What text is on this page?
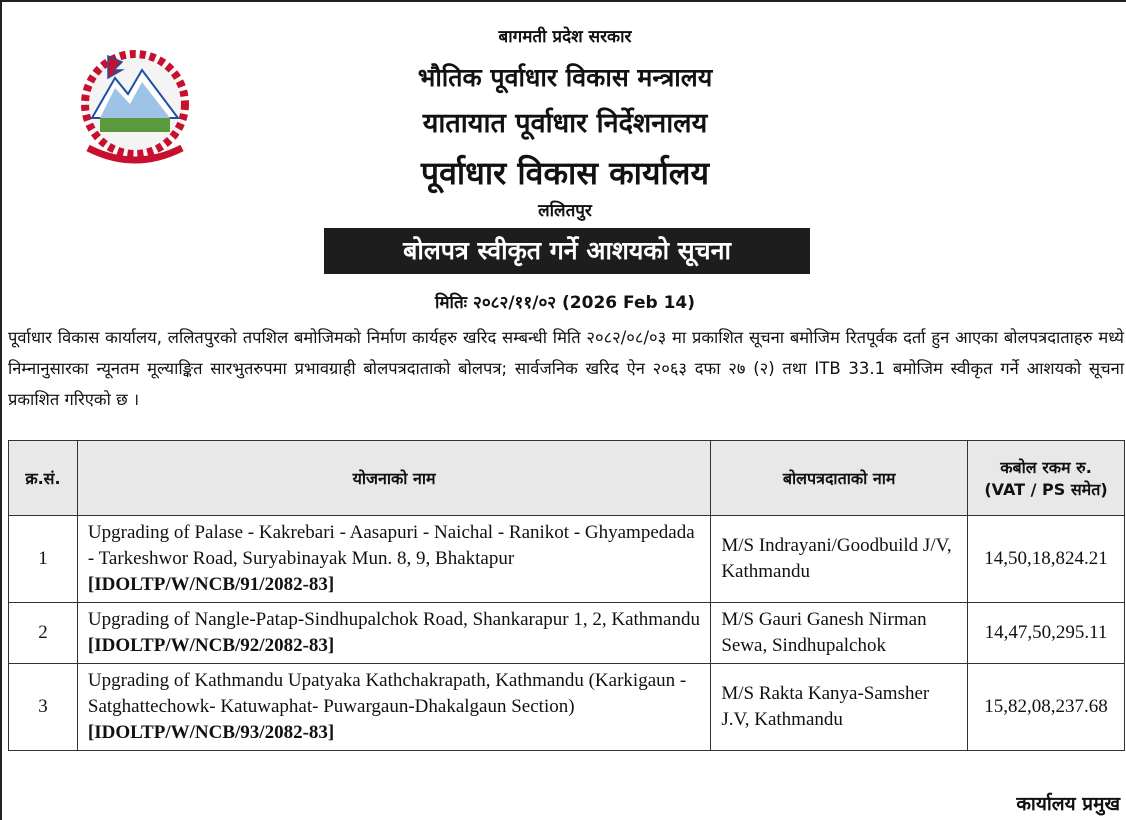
बागमती प्रदेश सरकार
भौतिक पूर्वाधार विकास मन्त्रालय
यातायात पूर्वाधार निर्देशनालय
पूर्वाधार विकास कार्यालय
ललितपुर
बोलपत्र स्वीकृत गर्ने आशयको सूचना
मितिः २०८२/११/०२ (2026 Feb 14)
पूर्वाधार विकास कार्यालय, ललितपुरको तपशिल बमोजिमको निर्माण कार्यहरु खरिद सम्बन्धी मिति २०८२/०८/०३ मा प्रकाशित सूचना बमोजिम रितपूर्वक दर्ता हुन आएका बोलपत्रदाताहरु मध्ये निम्नानुसारका न्यूनतम मूल्याङ्कित सारभुतरुपमा प्रभावग्राही बोलपत्रदाताको बोलपत्र; सार्वजनिक खरिद ऐन २०६३ दफा २७ (२) तथा ITB 33.1 बमोजिम स्वीकृत गर्ने आशयको सूचना प्रकाशित गरिएको छ ।
क्र.सं.	योजनाको नाम	बोलपत्रदाताको नाम	कबोल रकम रु.
(VAT / PS समेत)

1	Upgrading of Palase - Kakrebari - Aasapuri - Naichal - Ranikot - Ghyampedada - Tarkeshwor Road, Suryabinayak Mun. 8, 9, Bhaktapur [IDOLTP/W/NCB/91/2082-83]	M/S Indrayani/Goodbuild J/V, Kathmandu	14,50,18,824.21
2	Upgrading of Nangle-Patap-Sindhupalchok Road, Shankarapur 1, 2, Kathmandu [IDOLTP/W/NCB/92/2082-83]	M/S Gauri Ganesh Nirman Sewa, Sindhupalchok	14,47,50,295.11
3	Upgrading of Kathmandu Upatyaka Kathchakrapath, Kathmandu (Karkigaun - Satghattechowk- Katuwaphat- Puwargaun-Dhakalgaun Section) [IDOLTP/W/NCB/93/2082-83]	M/S Rakta Kanya-Samsher J.V, Kathmandu	15,82,08,237.68
कार्यालय प्रमुख
